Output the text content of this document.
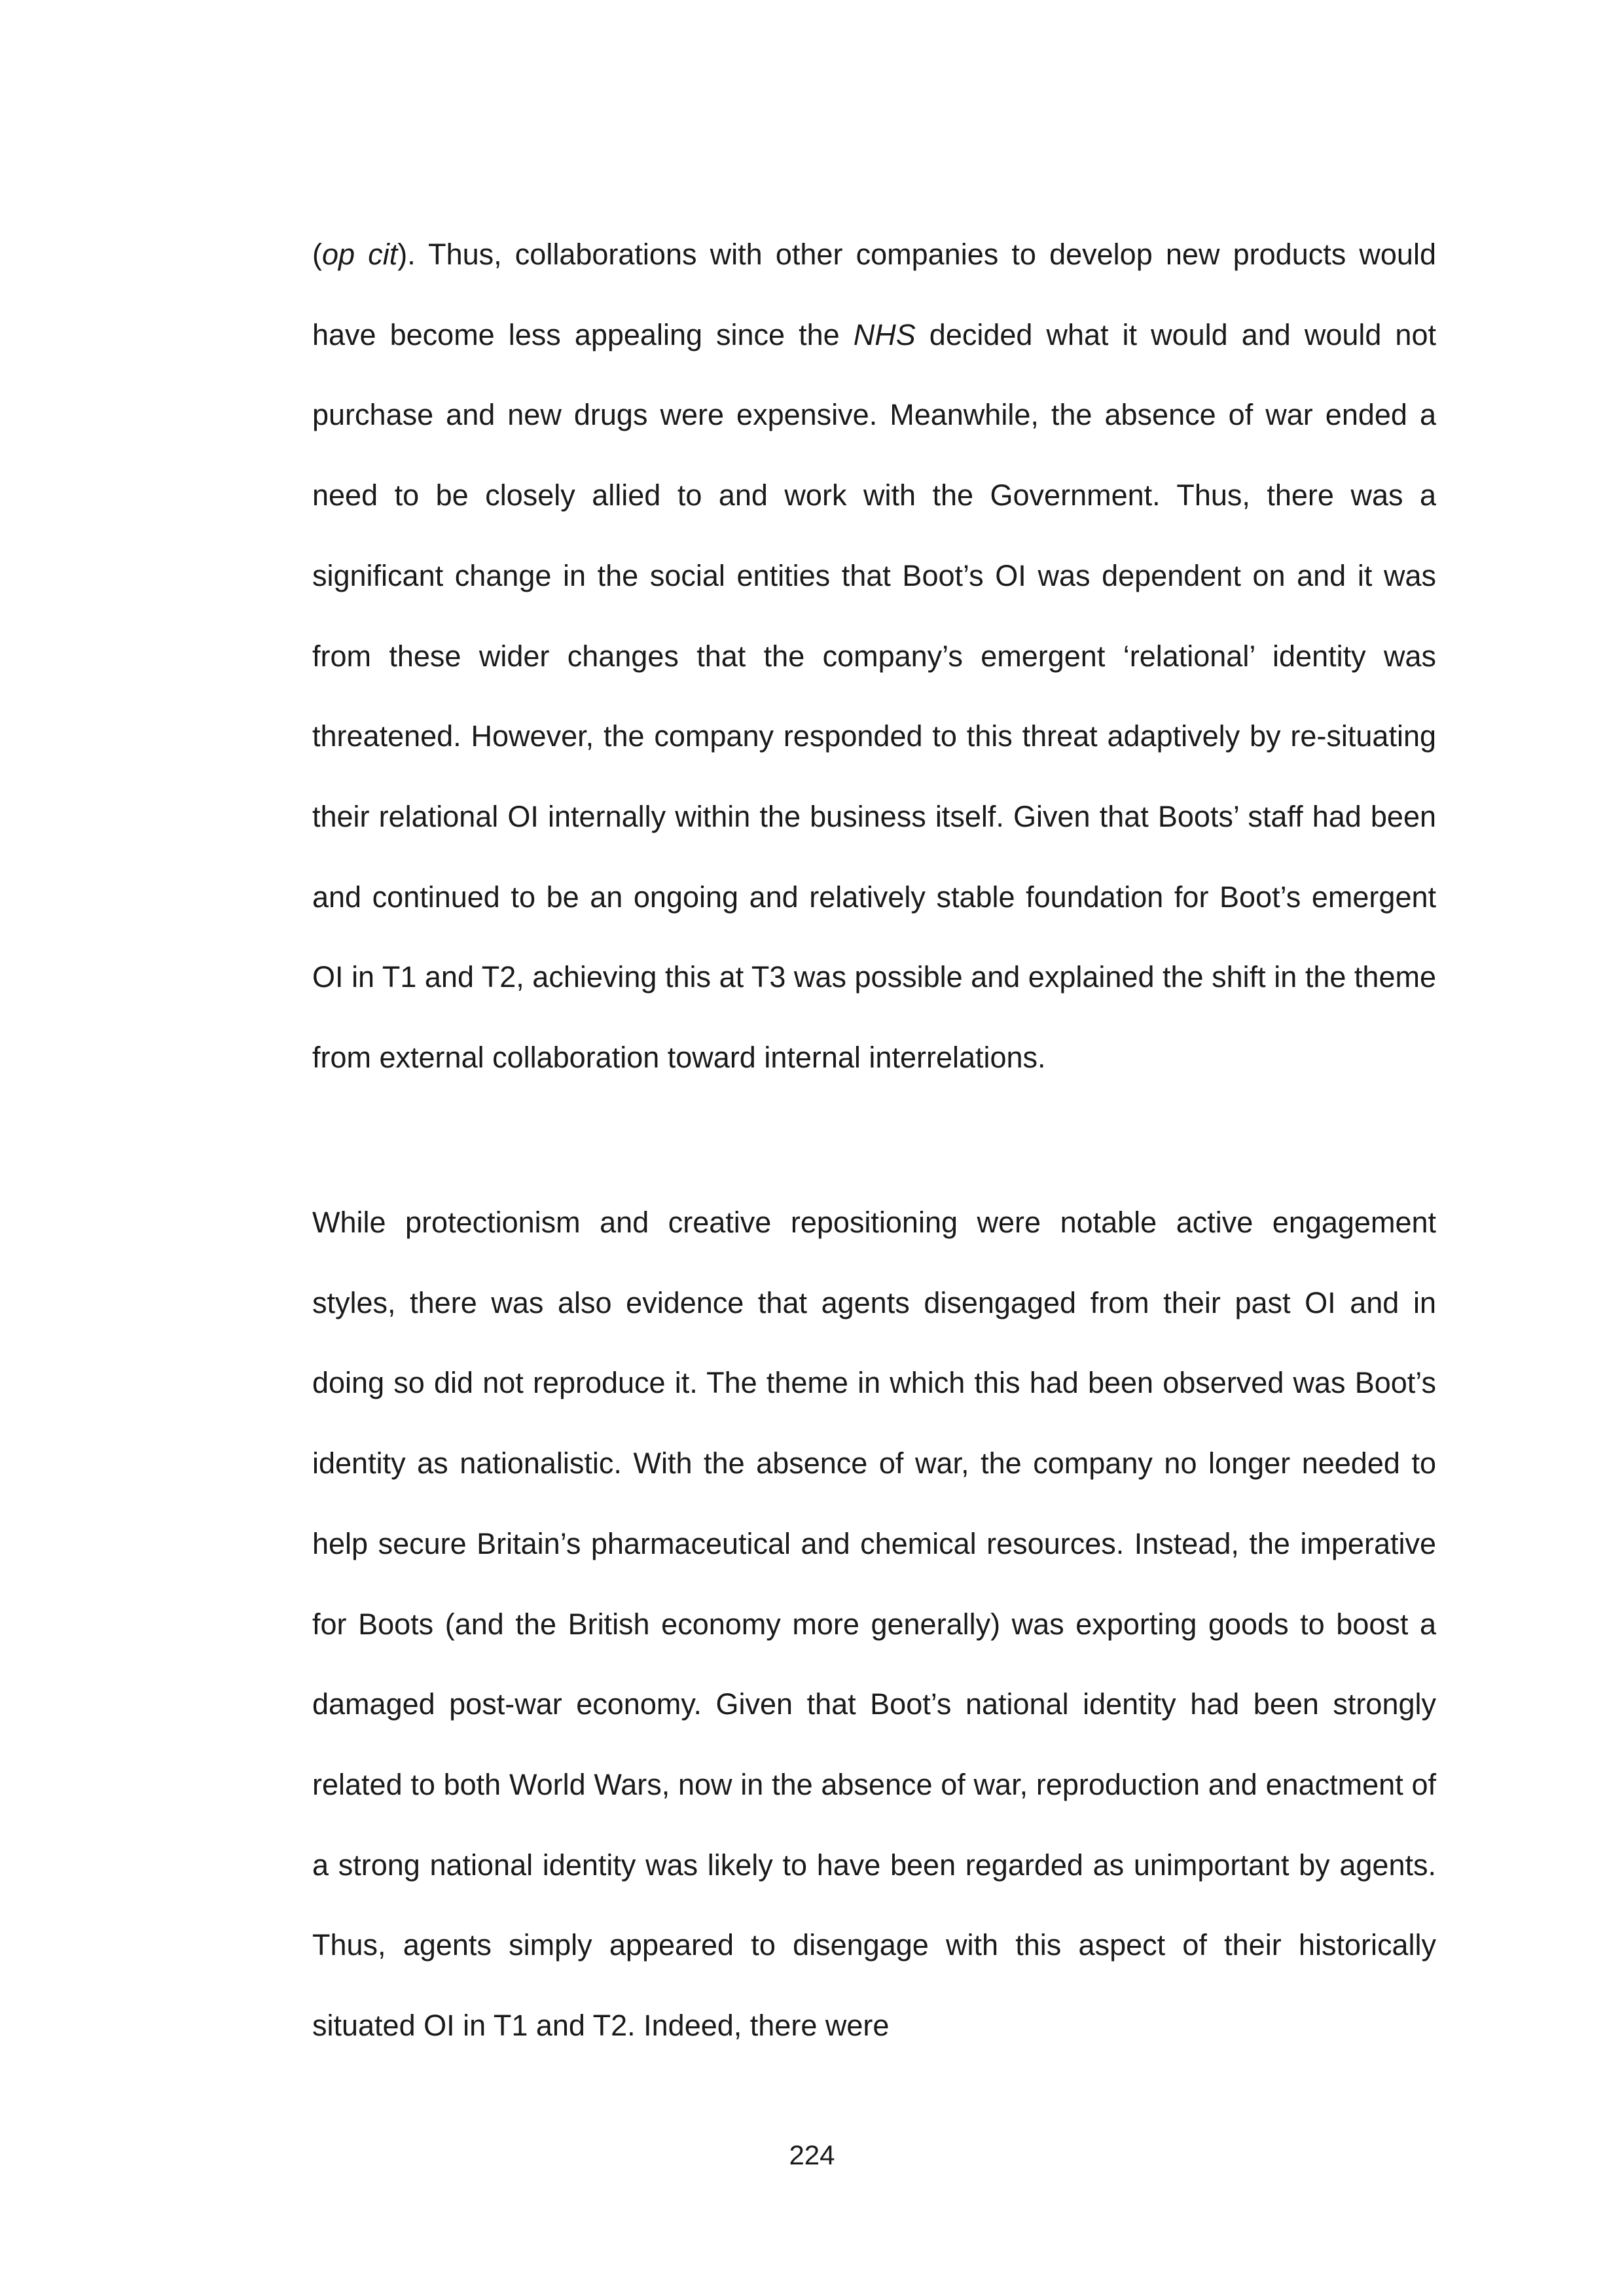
(op cit). Thus, collaborations with other companies to develop new products would have become less appealing since the NHS decided what it would and would not purchase and new drugs were expensive. Meanwhile, the absence of war ended a need to be closely allied to and work with the Government. Thus, there was a significant change in the social entities that Boot’s OI was dependent on and it was from these wider changes that the company’s emergent ‘relational’ identity was threatened. However, the company responded to this threat adaptively by re-situating their relational OI internally within the business itself. Given that Boots’ staff had been and continued to be an ongoing and relatively stable foundation for Boot’s emergent OI in T1 and T2, achieving this at T3 was possible and explained the shift in the theme from external collaboration toward internal interrelations.

While protectionism and creative repositioning were notable active engagement styles, there was also evidence that agents disengaged from their past OI and in doing so did not reproduce it. The theme in which this had been observed was Boot’s identity as nationalistic. With the absence of war, the company no longer needed to help secure Britain’s pharmaceutical and chemical resources. Instead, the imperative for Boots (and the British economy more generally) was exporting goods to boost a damaged post-war economy. Given that Boot’s national identity had been strongly related to both World Wars, now in the absence of war, reproduction and enactment of a strong national identity was likely to have been regarded as unimportant by agents. Thus, agents simply appeared to disengage with this aspect of their historically situated OI in T1 and T2. Indeed, there were

224
